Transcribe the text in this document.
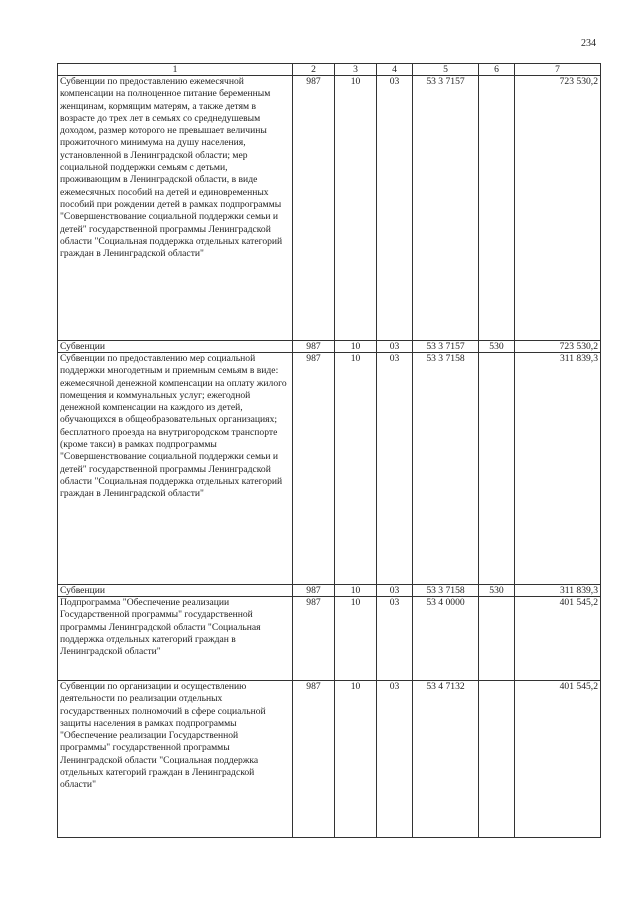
234
1	2	3	4	5	6	7
Субвенции по предоставлению ежемесячной компенсации на полноценное питание беременным женщинам, кормящим матерям, а также детям в возрасте до трех лет в семьях со среднедушевым доходом, размер которого не превышает величины прожиточного минимума на душу населения, установленной в Ленинградской области; мер социальной поддержки семьям с детьми, проживающим в Ленинградской области, в виде ежемесячных пособий на детей и единовременных пособий при рождении детей в рамках подпрограммы "Совершенствование социальной поддержки семьи и детей" государственной программы Ленинградской области "Социальная поддержка отдельных категорий граждан в Ленинградской области"	987	10	03	53 3 7157		723 530,2
Субвенции	987	10	03	53 3 7157	530	723 530,2
Субвенции по предоставлению мер социальной поддержки многодетным и приемным семьям в виде: ежемесячной денежной компенсации на оплату жилого помещения и коммунальных услуг; ежегодной денежной компенсации на каждого из детей, обучающихся в общеобразовательных организациях; бесплатного проезда на внутригородском транспорте (кроме такси) в рамках подпрограммы "Совершенствование социальной поддержки семьи и детей" государственной программы Ленинградской области "Социальная поддержка отдельных категорий граждан в Ленинградской области"	987	10	03	53 3 7158		311 839,3
Субвенции	987	10	03	53 3 7158	530	311 839,3
Подпрограмма "Обеспечение реализации Государственной программы" государственной программы Ленинградской области "Социальная поддержка отдельных категорий граждан в Ленинградской области"	987	10	03	53 4 0000		401 545,2
Субвенции по организации и осуществлению деятельности по реализации отдельных государственных полномочий в сфере социальной защиты населения в рамках подпрограммы "Обеспечение реализации Государственной программы" государственной программы Ленинградской области "Социальная поддержка отдельных категорий граждан в Ленинградской области"	987	10	03	53 4 7132		401 545,2
